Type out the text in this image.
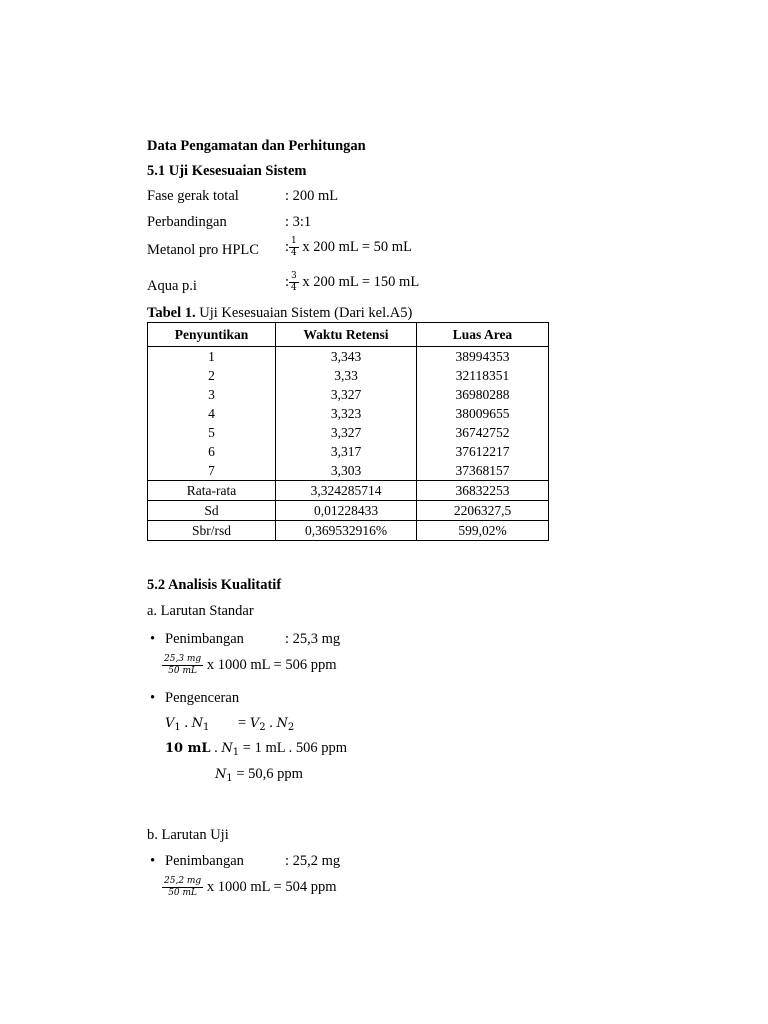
Data Pengamatan dan Perhitungan
5.1 Uji Kesesuaian Sistem
Fase gerak total	: 200 mL
Perbandingan	: 3:1
Metanol pro HPLC : $\frac{1}{4}$ x 200 mL = 50 mL
Aqua p.i	: $\frac{3}{4}$ x 200 mL = 150 mL
Tabel 1. Uji Kesesuaian Sistem (Dari kel.A5)
Penyuntikan	Waktu Retensi	Luas Area
1	3,343	38994353
2	3,33	32118351
3	3,327	36980288
4	3,323	38009655
5	3,327	36742752
6	3,317	37612217
7	3,303	37368157
Rata-rata	3,324285714	36832253
Sd	0,01228433	2206327,5
Sbr/rsd	0,369532916%	599,02%
5.2 Analisis Kualitatif
a. Larutan Standar
• Penimbangan	: 25,3 mg
$\frac{25,3 mg}{50 mL}$ x 1000 mL = 506 ppm
• Pengenceran
$V_1$ . $N_1 = V_2$ . $N_2$
10 mL . $N_1 = 1$ mL . 506 ppm
$N_1 = 50,6$ ppm
b. Larutan Uji
• Penimbangan	: 25,2 mg
$\frac{25,2 mg}{50 mL}$ x 1000 mL = 504 ppm
